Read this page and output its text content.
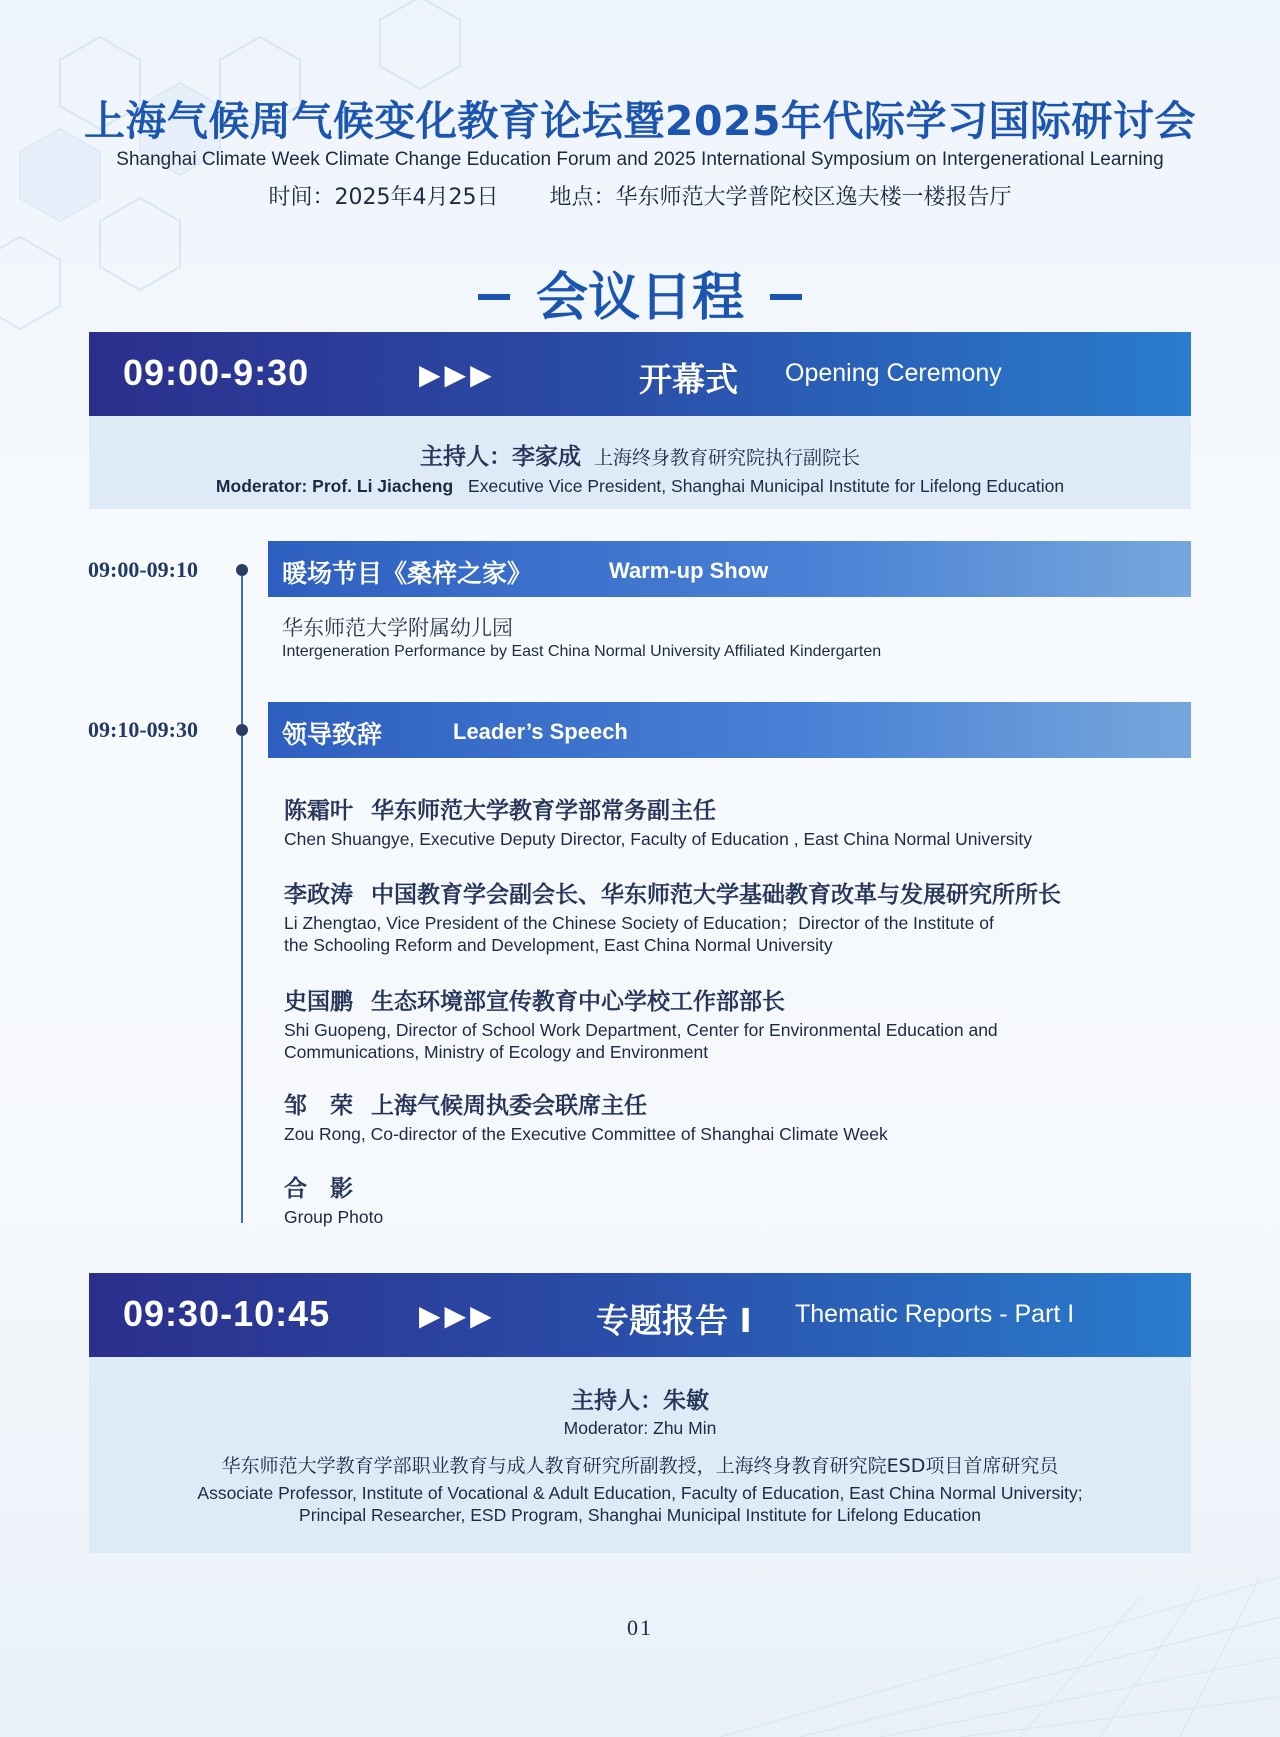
上海气候周气候变化教育论坛暨2025年代际学习国际研讨会
Shanghai Climate Week Climate Change Education Forum and 2025 International Symposium on Intergenerational Learning
时间：2025年4月25日 地点：华东师范大学普陀校区逸夫楼一楼报告厅
会议日程
09:00-9:30	▶▶▶	开幕式 Opening Ceremony
主持人：李家成 上海终身教育研究院执行副院长
Moderator: Prof. Li Jiacheng Executive Vice President, Shanghai Municipal Institute for Lifelong Education
09:00-09:10	暖场节目《桑梓之家》	Warm-up Show
华东师范大学附属幼儿园
Intergeneration Performance by East China Normal University Affiliated Kindergarten
09:10-09:30	领导致辞	Leader’s Speech
陈霜叶 华东师范大学教育学部常务副主任
Chen Shuangye, Executive Deputy Director, Faculty of Education , East China Normal University
李政涛 中国教育学会副会长、华东师范大学基础教育改革与发展研究所所长
Li Zhengtao, Vice President of the Chinese Society of Education；Director of the Institute of
the Schooling Reform and Development, East China Normal University
史国鹏 生态环境部宣传教育中心学校工作部部长
Shi Guopeng, Director of School Work Department, Center for Environmental Education and
Communications, Ministry of Ecology and Environment
邹　荣 上海气候周执委会联席主任
Zou Rong, Co-director of the Executive Committee of Shanghai Climate Week
合　影
Group Photo
09:30-10:45	▶▶▶	专题报告 I Thematic Reports - Part I
主持人：朱敏
Moderator: Zhu Min
华东师范大学教育学部职业教育与成人教育研究所副教授，上海终身教育研究院ESD项目首席研究员
Associate Professor, Institute of Vocational & Adult Education, Faculty of Education, East China Normal University;
Principal Researcher, ESD Program, Shanghai Municipal Institute for Lifelong Education
01
